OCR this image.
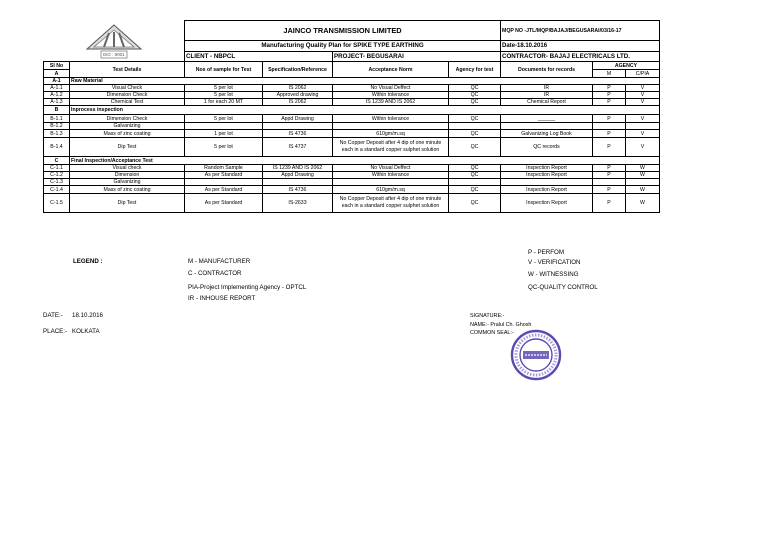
ISO : 9001		JAINCO TRANSMISSION LIMITED				MQP NO -JTL/MQP/BAJAJ/BEGUSARAI/03/16-17		
		Manufacturing Quality Plan for SPIKE TYPE EARTHING				Date-18.10.2016		
		CLIENT - NBPCL		PROJECT- BEGUSARAI		CONTRACTOR- BAJAJ ELECTRICALS LTD.		
Sl No	Test Details	Nos of sample for Test	Specification/Reference	Acceptance Norm	Agency for test	Documents for records	AGENCY	
A							M	C/PIA
A-1	Raw Material							
A-1.1	Visual Check	5 per lot	IS 2062	No Visual Deffect	QC	IR	P	V
A-1.2	Dimension Check	5 per lot	Approved drawing	Within tolerance	QC	IR	P	V
A-1.3	Chemical Test	1 for each 20 MT	IS 2062	IS 1239 AND IS 2062	QC	Chemical Report	P	V
B	Inprocess inspection							
B-1.1	Dimension Check	5 per lot	Appd Drawing	Within tolerance	QC	______	P	V
B-1.2	Galvanizing							
B-1.3	Mass of zinc coating	1 per lot	IS 4736	610gm/m.sq	QC	Galvanizing Log Book	P	V
B-1.4	Dip Test	5 per lot	IS 4737	No Copper Deposit after 4 dip of one minute each in a standard copper sulphet solution	QC	QC records	P	V
C	Final Inspection/Acceptance Test							
C-1.1	Visual check	Random Sample	IS 1239 AND IS 2062	No Visual Deffect	QC	Inspection Report	P	W
C-1.2	Dimension	As per Standard	Appd Drawing	Within tolerance	QC	Inspection Report	P	W
C-1.3	Galvanizing							
C-1.4	Mass of zinc coating	As per Standard	IS 4736	610gm/m.sq	QC	Inspection Report	P	W
C-1.5	Dip Test	As per Standard	IS-2633	No Copper Deposit after 4 dip of one minute each in a standard copper sulphet solution	QC	Inspection Report	P	W
LEGEND :	M - MANUFACTURER
C - CONTRACTOR
PIA-Project Implementing Agency - OPTCL
IR - INHOUSE REPORT
P - PERFOM
V - VERIFICATION
W - WITNESSING
QC-QUALITY CONTROL
DATE:- 18.10.2016
PLACE:- KOLKATA
SIGNATURE:-
NAME:- Pralul Ch. Ghosh
COMMON SEAL:-
